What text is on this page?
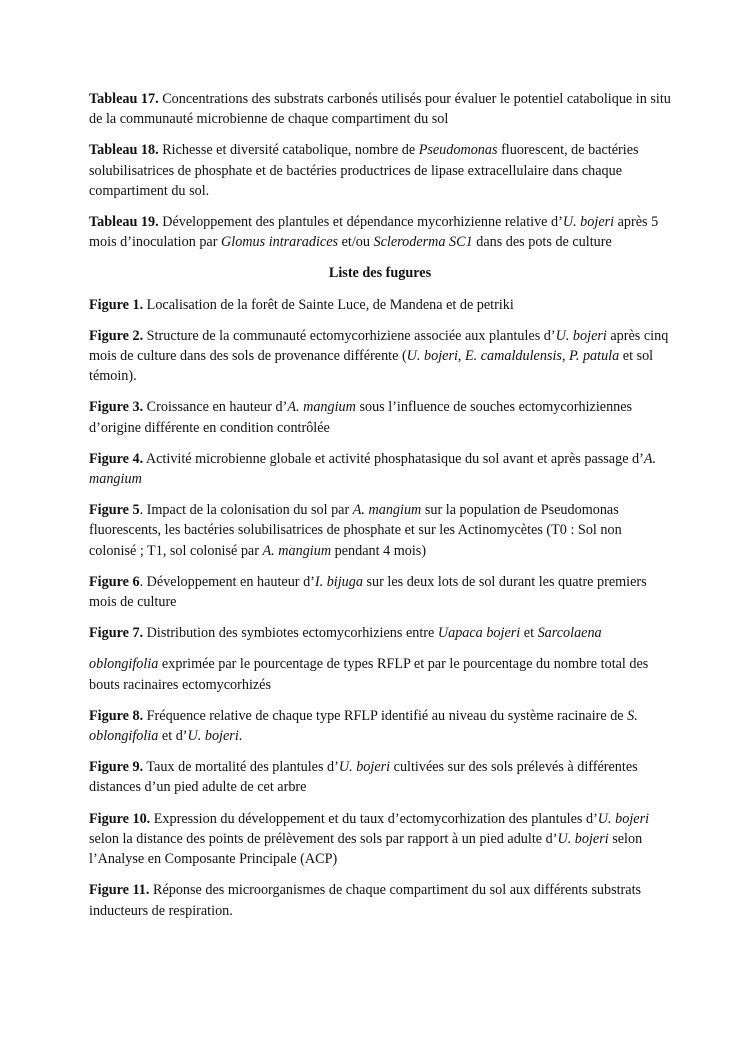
Tableau 17. Concentrations des substrats carbonés utilisés pour évaluer le potentiel catabolique in situ de la communauté microbienne de chaque compartiment du sol

Tableau 18. Richesse et diversité catabolique, nombre de Pseudomonas fluorescent, de bactéries solubilisatrices de phosphate et de bactéries productrices de lipase extracellulaire dans chaque compartiment du sol.

Tableau 19. Développement des plantules et dépendance mycorhizienne relative d’U. bojeri après 5 mois d’inoculation par Glomus intraradices et/ou Scleroderma SC1 dans des pots de culture

Liste des fugures

Figure 1. Localisation de la forêt de Sainte Luce, de Mandena et de petriki

Figure 2. Structure de la communauté ectomycorhiziene associée aux plantules d’U. bojeri après cinq mois de culture dans des sols de provenance différente (U. bojeri, E. camaldulensis, P. patula et sol témoin).

Figure 3. Croissance en hauteur d’A. mangium sous l’influence de souches ectomycorhiziennes d’origine différente en condition contrôlée

Figure 4. Activité microbienne globale et activité phosphatasique du sol avant et après passage d’A. mangium

Figure 5. Impact de la colonisation du sol par A. mangium sur la population de Pseudomonas fluorescents, les bactéries solubilisatrices de phosphate et sur les Actinomycètes (T0 : Sol non colonisé ; T1, sol colonisé par A. mangium pendant 4 mois)

Figure 6. Développement en hauteur d’I. bijuga sur les deux lots de sol durant les quatre premiers mois de culture

Figure 7. Distribution des symbiotes ectomycorhiziens entre Uapaca bojeri et Sarcolaena

oblongifolia exprimée par le pourcentage de types RFLP et par le pourcentage du nombre total des bouts racinaires ectomycorhizés

Figure 8. Fréquence relative de chaque type RFLP identifié au niveau du système racinaire de S. oblongifolia et d’U. bojeri.

Figure 9. Taux de mortalité des plantules d’U. bojeri cultivées sur des sols prélevés à différentes distances d’un pied adulte de cet arbre

Figure 10. Expression du développement et du taux d’ectomycorhization des plantules d’U. bojeri selon la distance des points de prélèvement des sols par rapport à un pied adulte d’U. bojeri selon l’Analyse en Composante Principale (ACP)

Figure 11. Réponse des microorganismes de chaque compartiment du sol aux différents substrats inducteurs de respiration.
